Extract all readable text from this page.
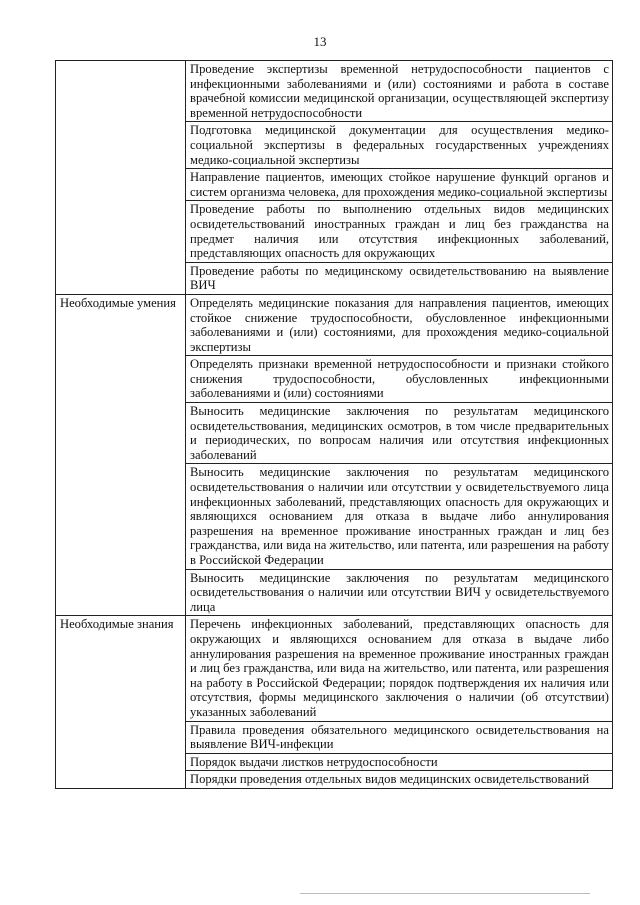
13
	Проведение экспертизы временной нетрудоспособности пациентов с инфекционными заболеваниями и (или) состояниями и работа в составе врачебной комиссии медицинской организации, осуществляющей экспертизу временной нетрудоспособности
	Подготовка медицинской документации для осуществления медико-социальной экспертизы в федеральных государственных учреждениях медико-социальной экспертизы
	Направление пациентов, имеющих стойкое нарушение функций органов и систем организма человека, для прохождения медико-социальной экспертизы
	Проведение работы по выполнению отдельных видов медицинских освидетельствований иностранных граждан и лиц без гражданства на предмет наличия или отсутствия инфекционных заболеваний, представляющих опасность для окружающих
	Проведение работы по медицинскому освидетельствованию на выявление ВИЧ
Необходимые умения	Определять медицинские показания для направления пациентов, имеющих стойкое снижение трудоспособности, обусловленное инфекционными заболеваниями и (или) состояниями, для прохождения медико-социальной экспертизы
	Определять признаки временной нетрудоспособности и признаки стойкого снижения трудоспособности, обусловленных инфекционными заболеваниями и (или) состояниями
	Выносить медицинские заключения по результатам медицинского освидетельствования, медицинских осмотров, в том числе предварительных и периодических, по вопросам наличия или отсутствия инфекционных заболеваний
	Выносить медицинские заключения по результатам медицинского освидетельствования о наличии или отсутствии у освидетельствуемого лица инфекционных заболеваний, представляющих опасность для окружающих и являющихся основанием для отказа в выдаче либо аннулирования разрешения на временное проживание иностранных граждан и лиц без гражданства, или вида на жительство, или патента, или разрешения на работу в Российской Федерации
	Выносить медицинские заключения по результатам медицинского освидетельствования о наличии или отсутствии ВИЧ у освидетельствуемого лица
Необходимые знания	Перечень инфекционных заболеваний, представляющих опасность для окружающих и являющихся основанием для отказа в выдаче либо аннулирования разрешения на временное проживание иностранных граждан и лиц без гражданства, или вида на жительство, или патента, или разрешения на работу в Российской Федерации; порядок подтверждения их наличия или отсутствия, формы медицинского заключения о наличии (об отсутствии) указанных заболеваний
	Правила проведения обязательного медицинского освидетельствования на выявление ВИЧ-инфекции
	Порядок выдачи листков нетрудоспособности
	Порядки проведения отдельных видов медицинских освидетельствований
